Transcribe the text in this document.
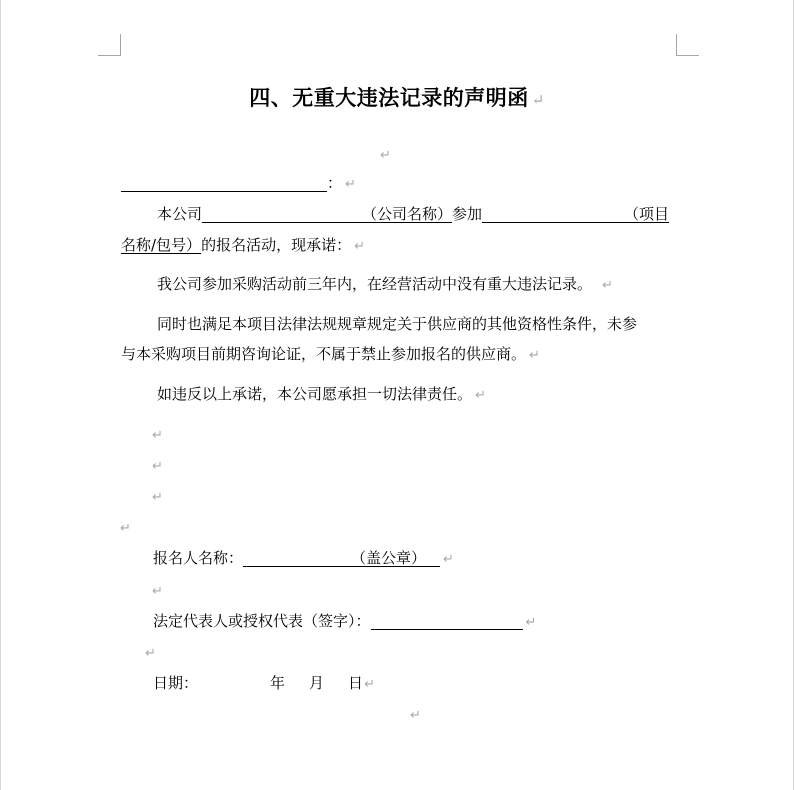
四、无重大违法记录的声明函 ↵
↵
： ↵
本公司	（公司名称）参加	（项目
名称/包号）的报名活动，现承诺： ↵
我公司参加采购活动前三年内，在经营活动中没有重大违法记录。 ↵
同时也满足本项目法律法规规章规定关于供应商的其他资格性条件，未参
与本采购项目前期咨询论证，不属于禁止参加报名的供应商。 ↵
如违反以上承诺，本公司愿承担一切法律责任。 ↵
↵
↵
↵
↵
报名人名称：	（盖公章） ↵
↵
法定代表人或授权代表（签字）：	↵
↵
日期：	年 月 日↵
↵
